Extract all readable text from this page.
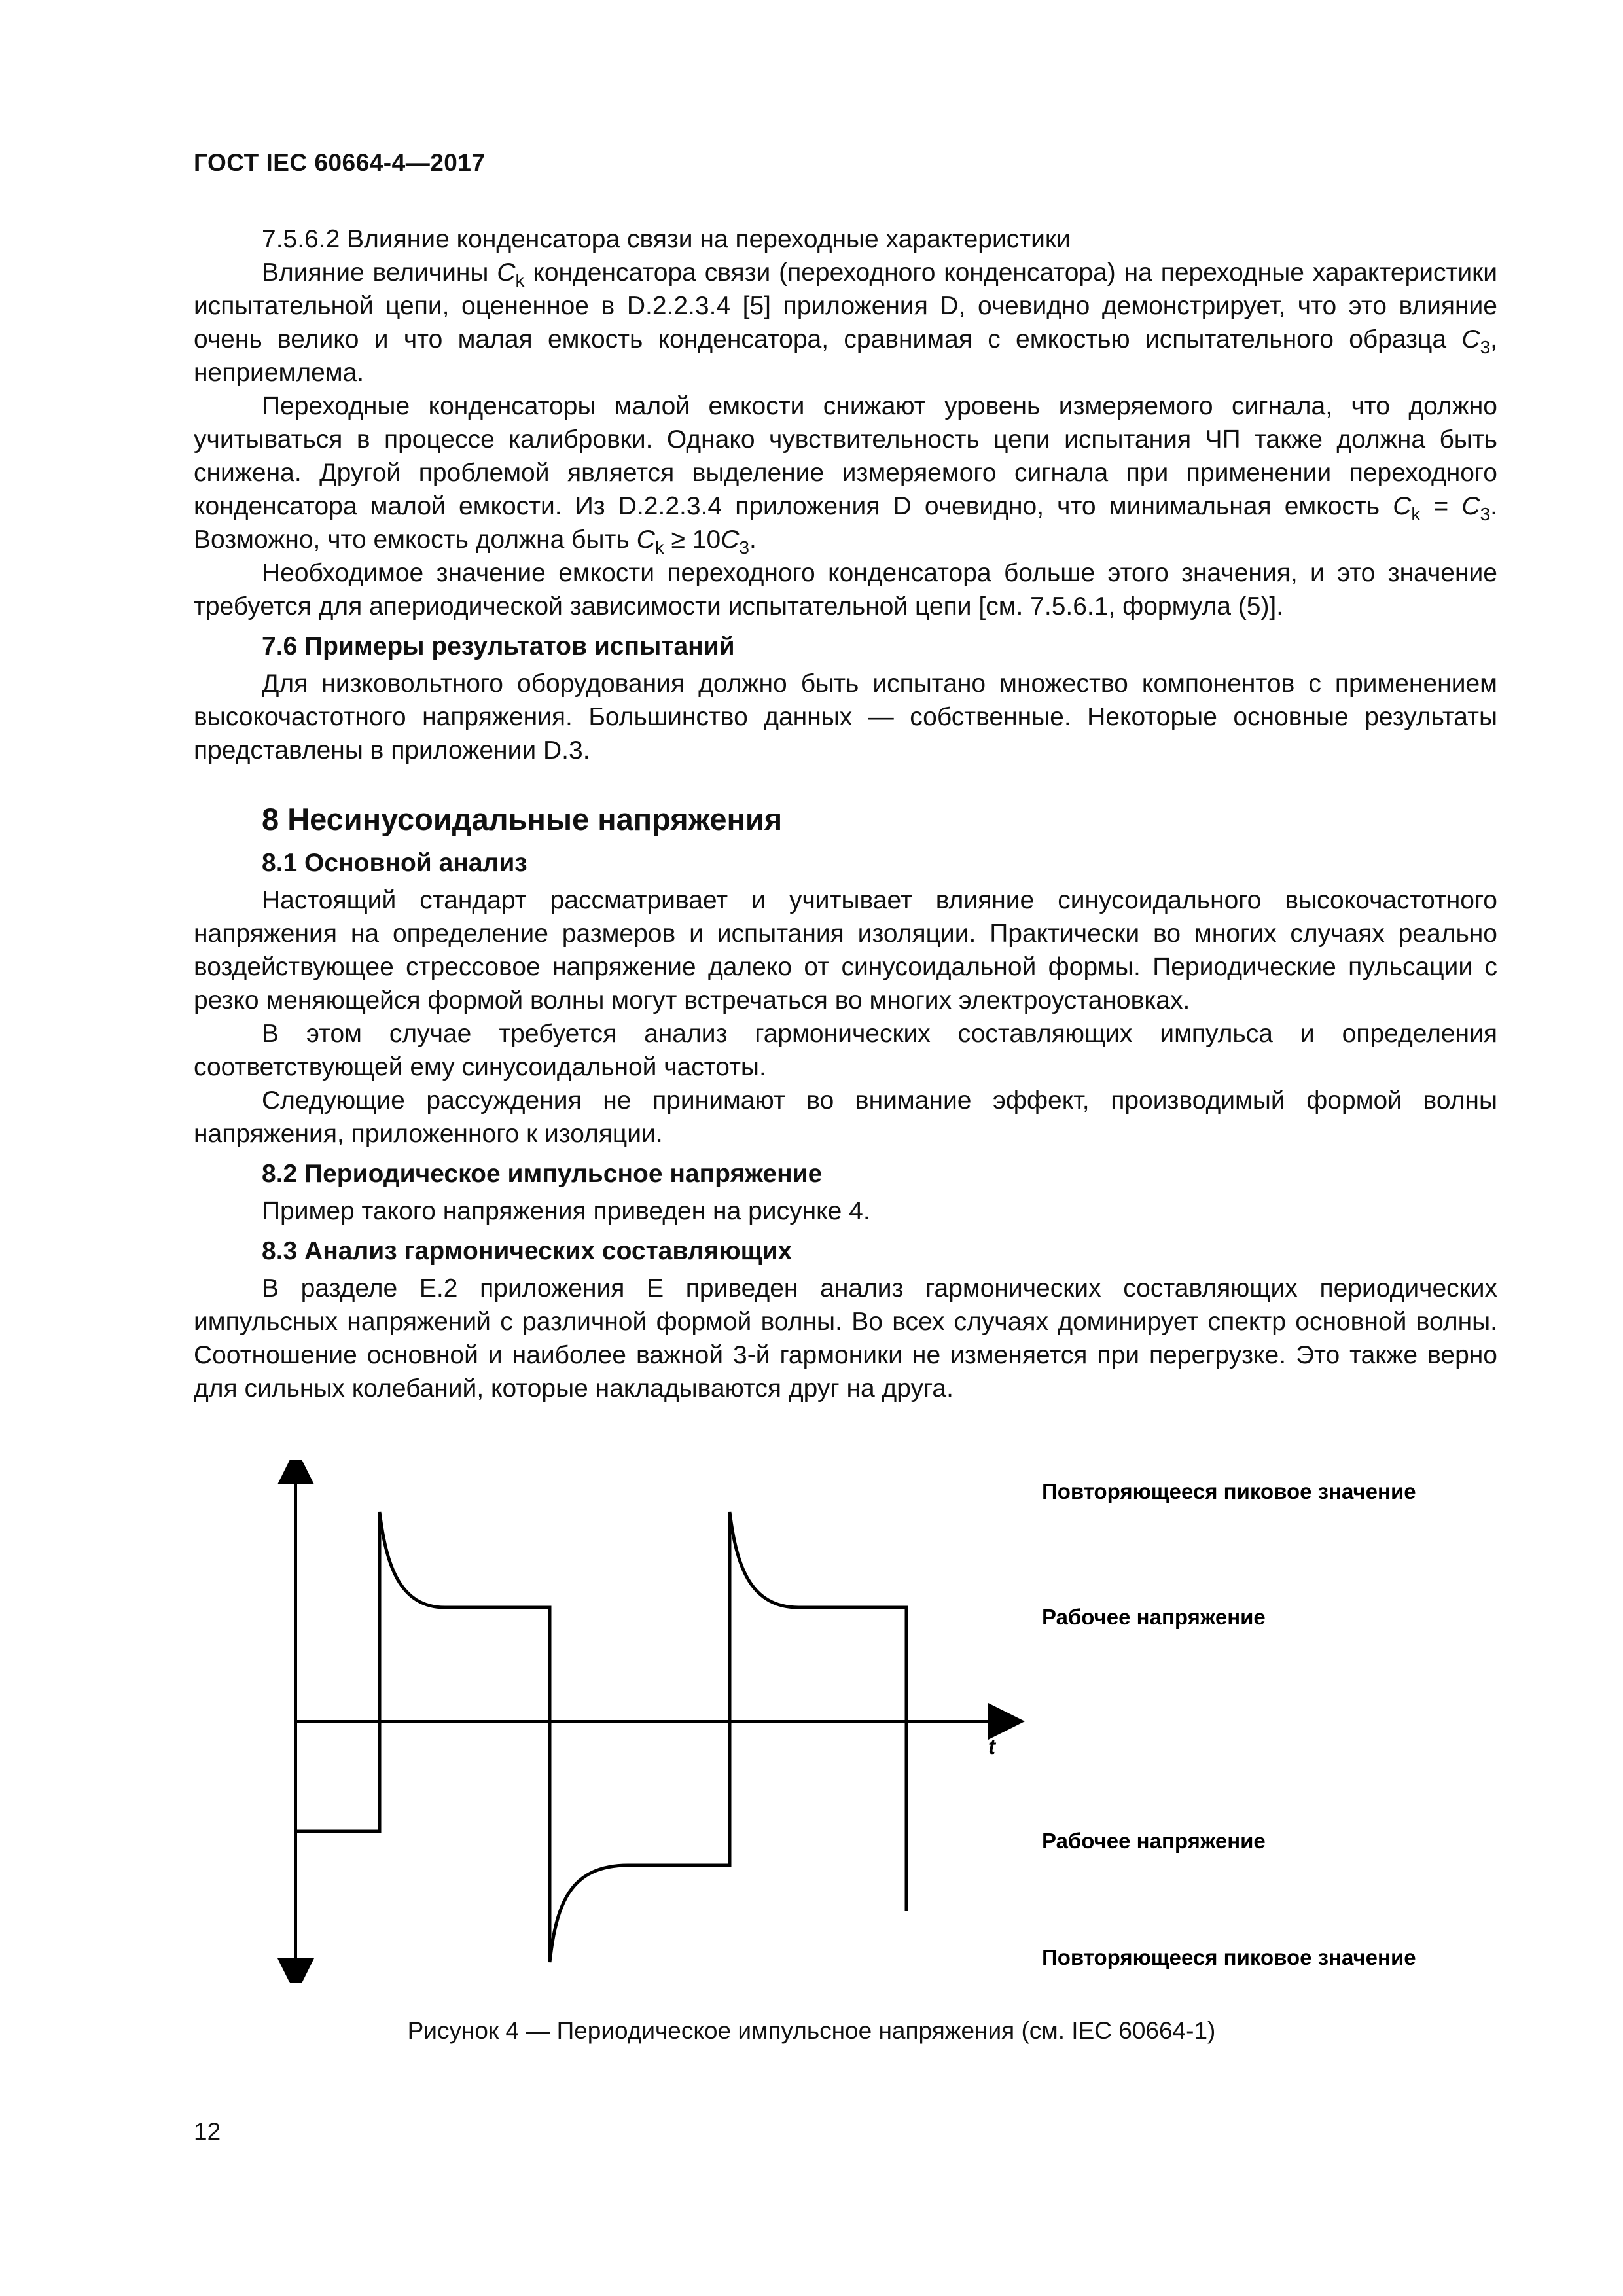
ГОСТ IEC 60664-4—2017

7.5.6.2 Влияние конденсатора связи на переходные характеристики

Влияние величины $C_k$ конденсатора связи (переходного конденсатора) на переходные характеристики испытательной цепи, оцененное в D.2.2.3.4 [5] приложения D, очевидно демонстрирует, что это влияние очень велико и что малая емкость конденсатора, сравнимая с емкостью испытательного образца $C_3$, неприемлема.

Переходные конденсаторы малой емкости снижают уровень измеряемого сигнала, что должно учитываться в процессе калибровки. Однако чувствительность цепи испытания ЧП также должна быть снижена. Другой проблемой является выделение измеряемого сигнала при применении переходного конденсатора малой емкости. Из D.2.2.3.4 приложения D очевидно, что минимальная емкость $C_k = C_3$. Возможно, что емкость должна быть $C_k \ge 10C_3$.

Необходимое значение емкости переходного конденсатора больше этого значения, и это значение требуется для апериодической зависимости испытательной цепи [см. 7.5.6.1, формула (5)].

7.6 Примеры результатов испытаний

Для низковольтного оборудования должно быть испытано множество компонентов с применением высокочастотного напряжения. Большинство данных — собственные. Некоторые основные результаты представлены в приложении D.3.

8 Несинусоидальные напряжения

8.1 Основной анализ

Настоящий стандарт рассматривает и учитывает влияние синусоидального высокочастотного напряжения на определение размеров и испытания изоляции. Практически во многих случаях реально воздействующее стрессовое напряжение далеко от синусоидальной формы. Периодические пульсации с резко меняющейся формой волны могут встречаться во многих электроустановках.

В этом случае требуется анализ гармонических составляющих импульса и определения соответствующей ему синусоидальной частоты.

Следующие рассуждения не принимают во внимание эффект, производимый формой волны напряжения, приложенного к изоляции.

8.2 Периодическое импульсное напряжение

Пример такого напряжения приведен на рисунке 4.

8.3 Анализ гармонических составляющих

В разделе Е.2 приложения Е приведен анализ гармонических составляющих периодических импульсных напряжений с различной формой волны. Во всех случаях доминирует спектр основной волны. Соотношение основной и наиболее важной 3-й гармоники не изменяется при перегрузке. Это также верно для сильных колебаний, которые накладываются друг на друга.

t
Повторяющееся пиковое значение
Рабочее напряжение
Рабочее напряжение
Повторяющееся пиковое значение
Рисунок 4 — Периодическое импульсное напряжения (см. IEC 60664-1)
12
